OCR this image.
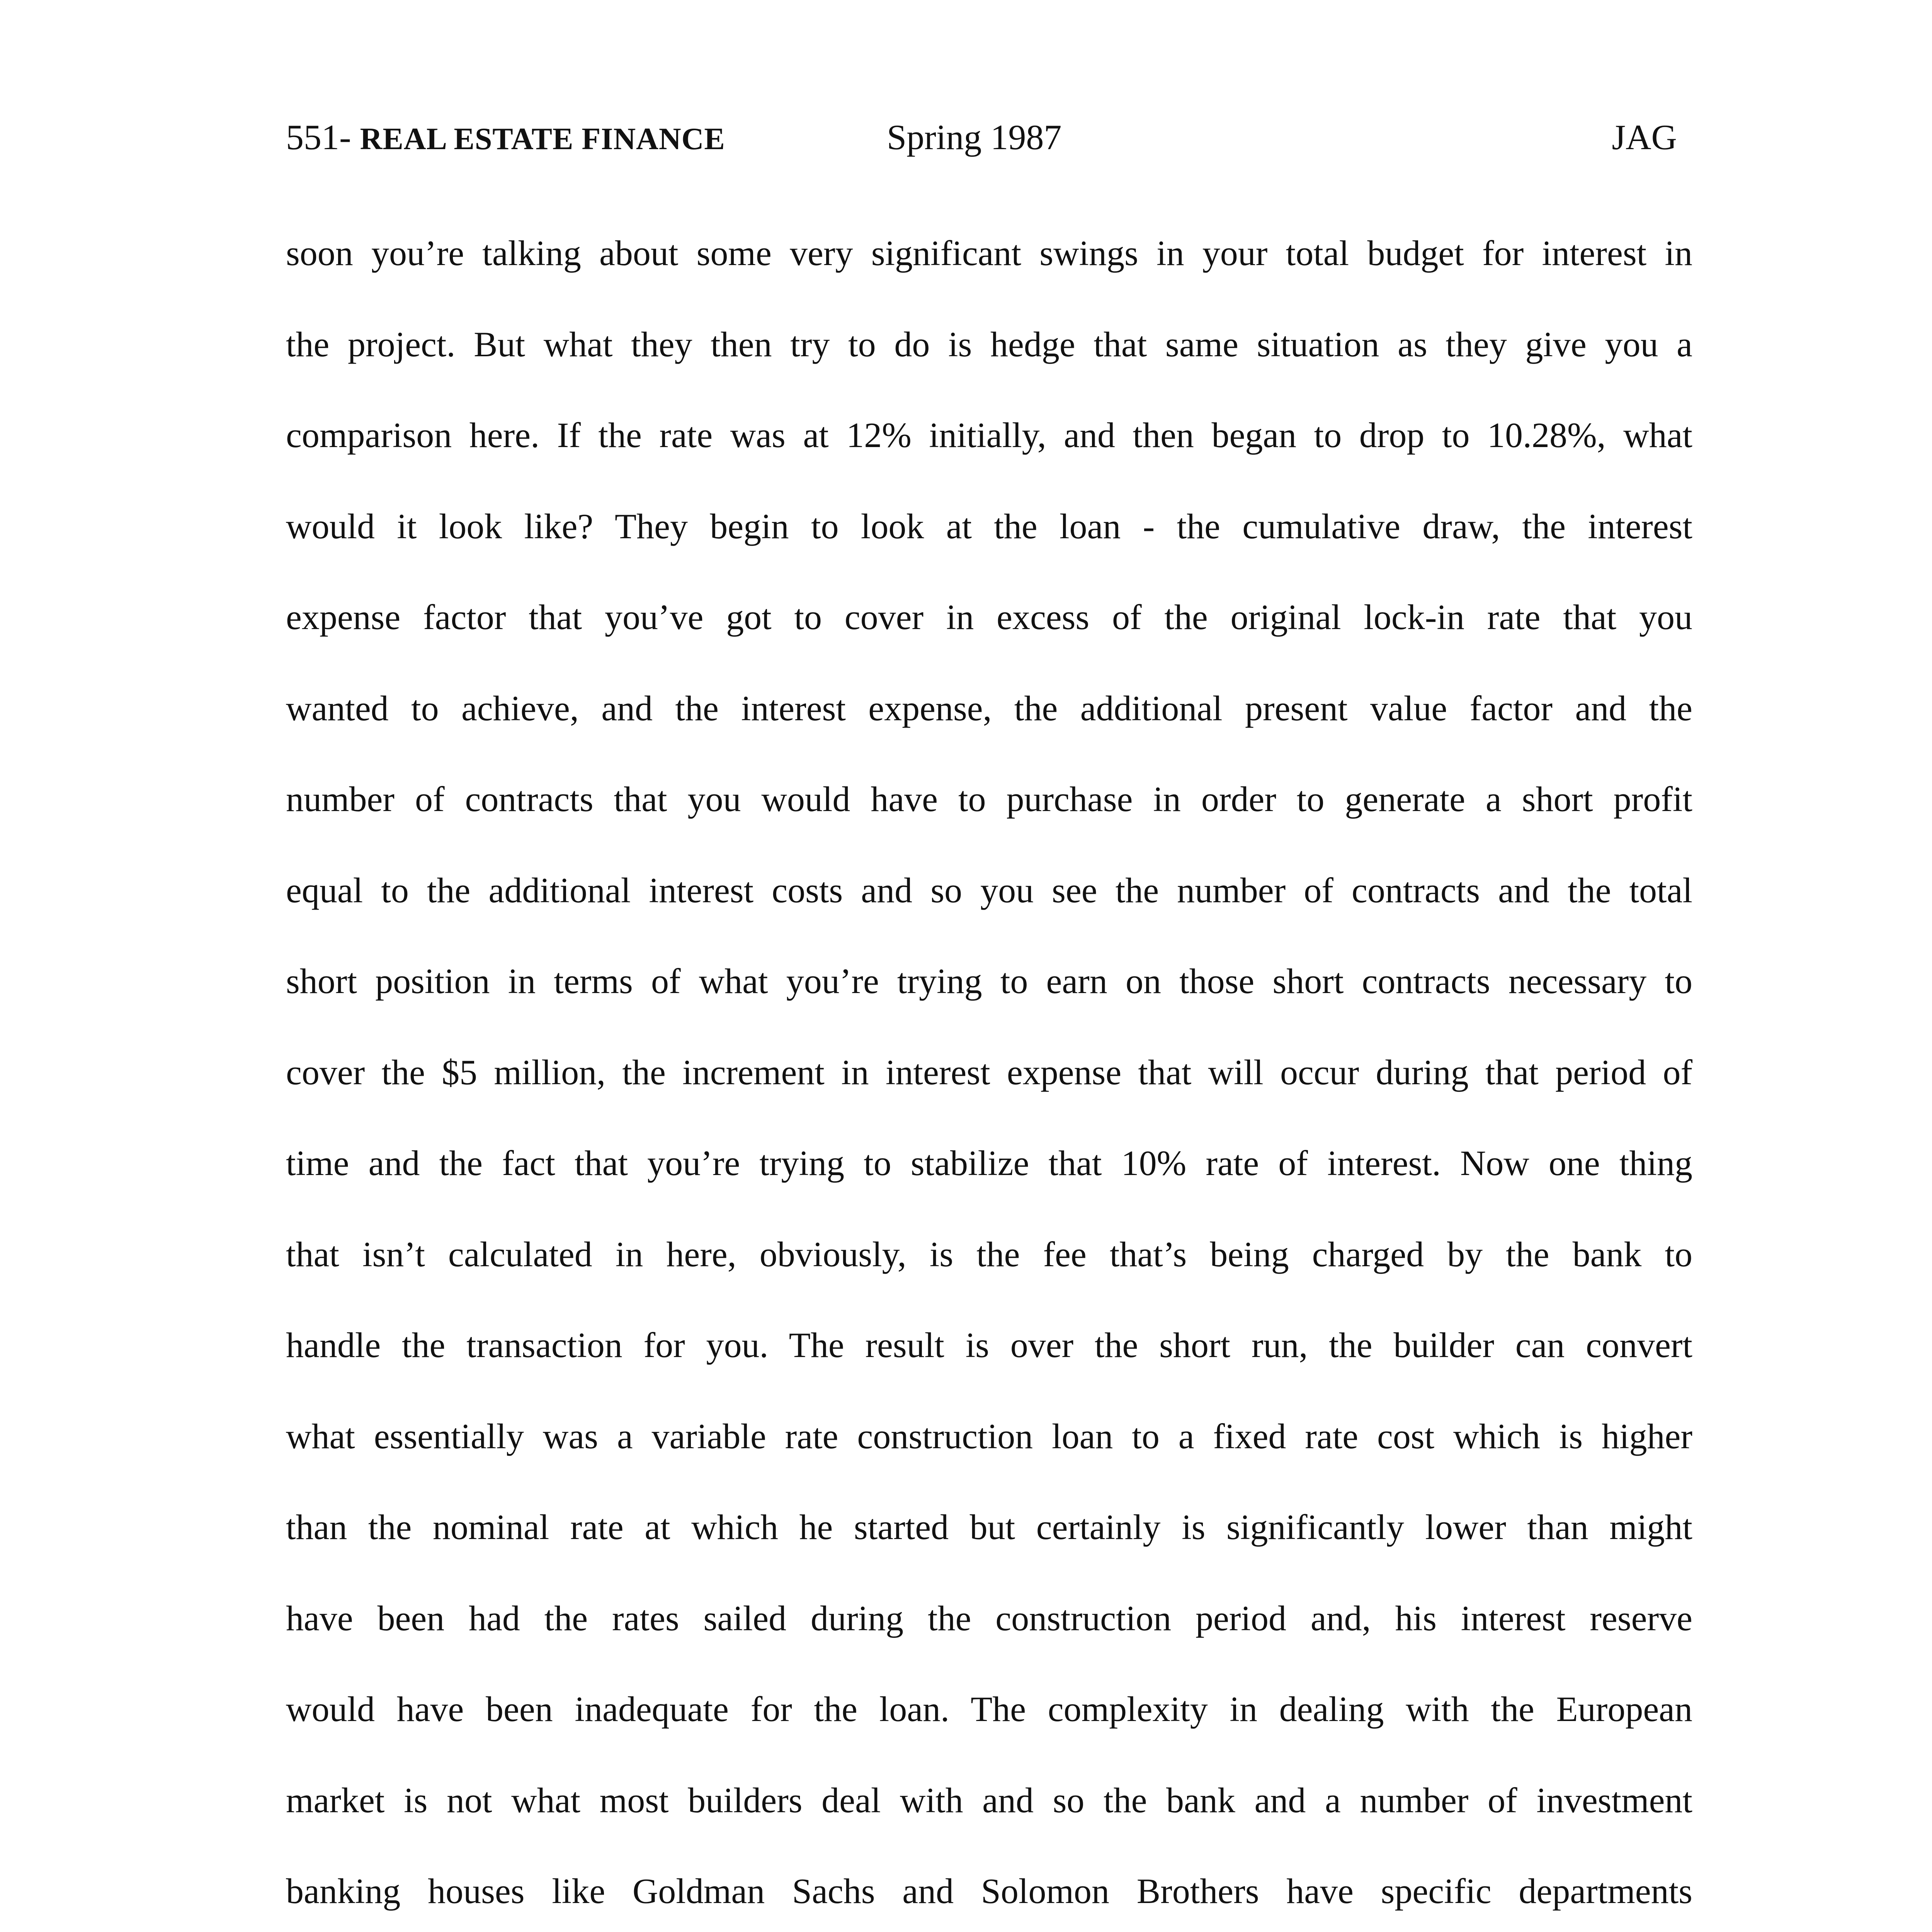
551- REAL ESTATE FINANCE	Spring 1987	JAG
soon you’re talking about some very significant swings in your total budget for interest in
the project. But what they then try to do is hedge that same situation as they give you a
comparison here. If the rate was at 12% initially, and then began to drop to 10.28%, what
would it look like? They begin to look at the loan - the cumulative draw, the interest
expense factor that you’ve got to cover in excess of the original lock-in rate that you
wanted to achieve, and the interest expense, the additional present value factor and the
number of contracts that you would have to purchase in order to generate a short profit
equal to the additional interest costs and so you see the number of contracts and the total
short position in terms of what you’re trying to earn on those short contracts necessary to
cover the $5 million, the increment in interest expense that will occur during that period of
time and the fact that you’re trying to stabilize that 10% rate of interest. Now one thing
that isn’t calculated in here, obviously, is the fee that’s being charged by the bank to
handle the transaction for you. The result is over the short run, the builder can convert
what essentially was a variable rate construction loan to a fixed rate cost which is higher
than the nominal rate at which he started but certainly is significantly lower than might
have been had the rates sailed during the construction period and, his interest reserve
would have been inadequate for the loan. The complexity in dealing with the European
market is not what most builders deal with and so the bank and a number of investment
banking houses like Goldman Sachs and Solomon Brothers have specific departments
